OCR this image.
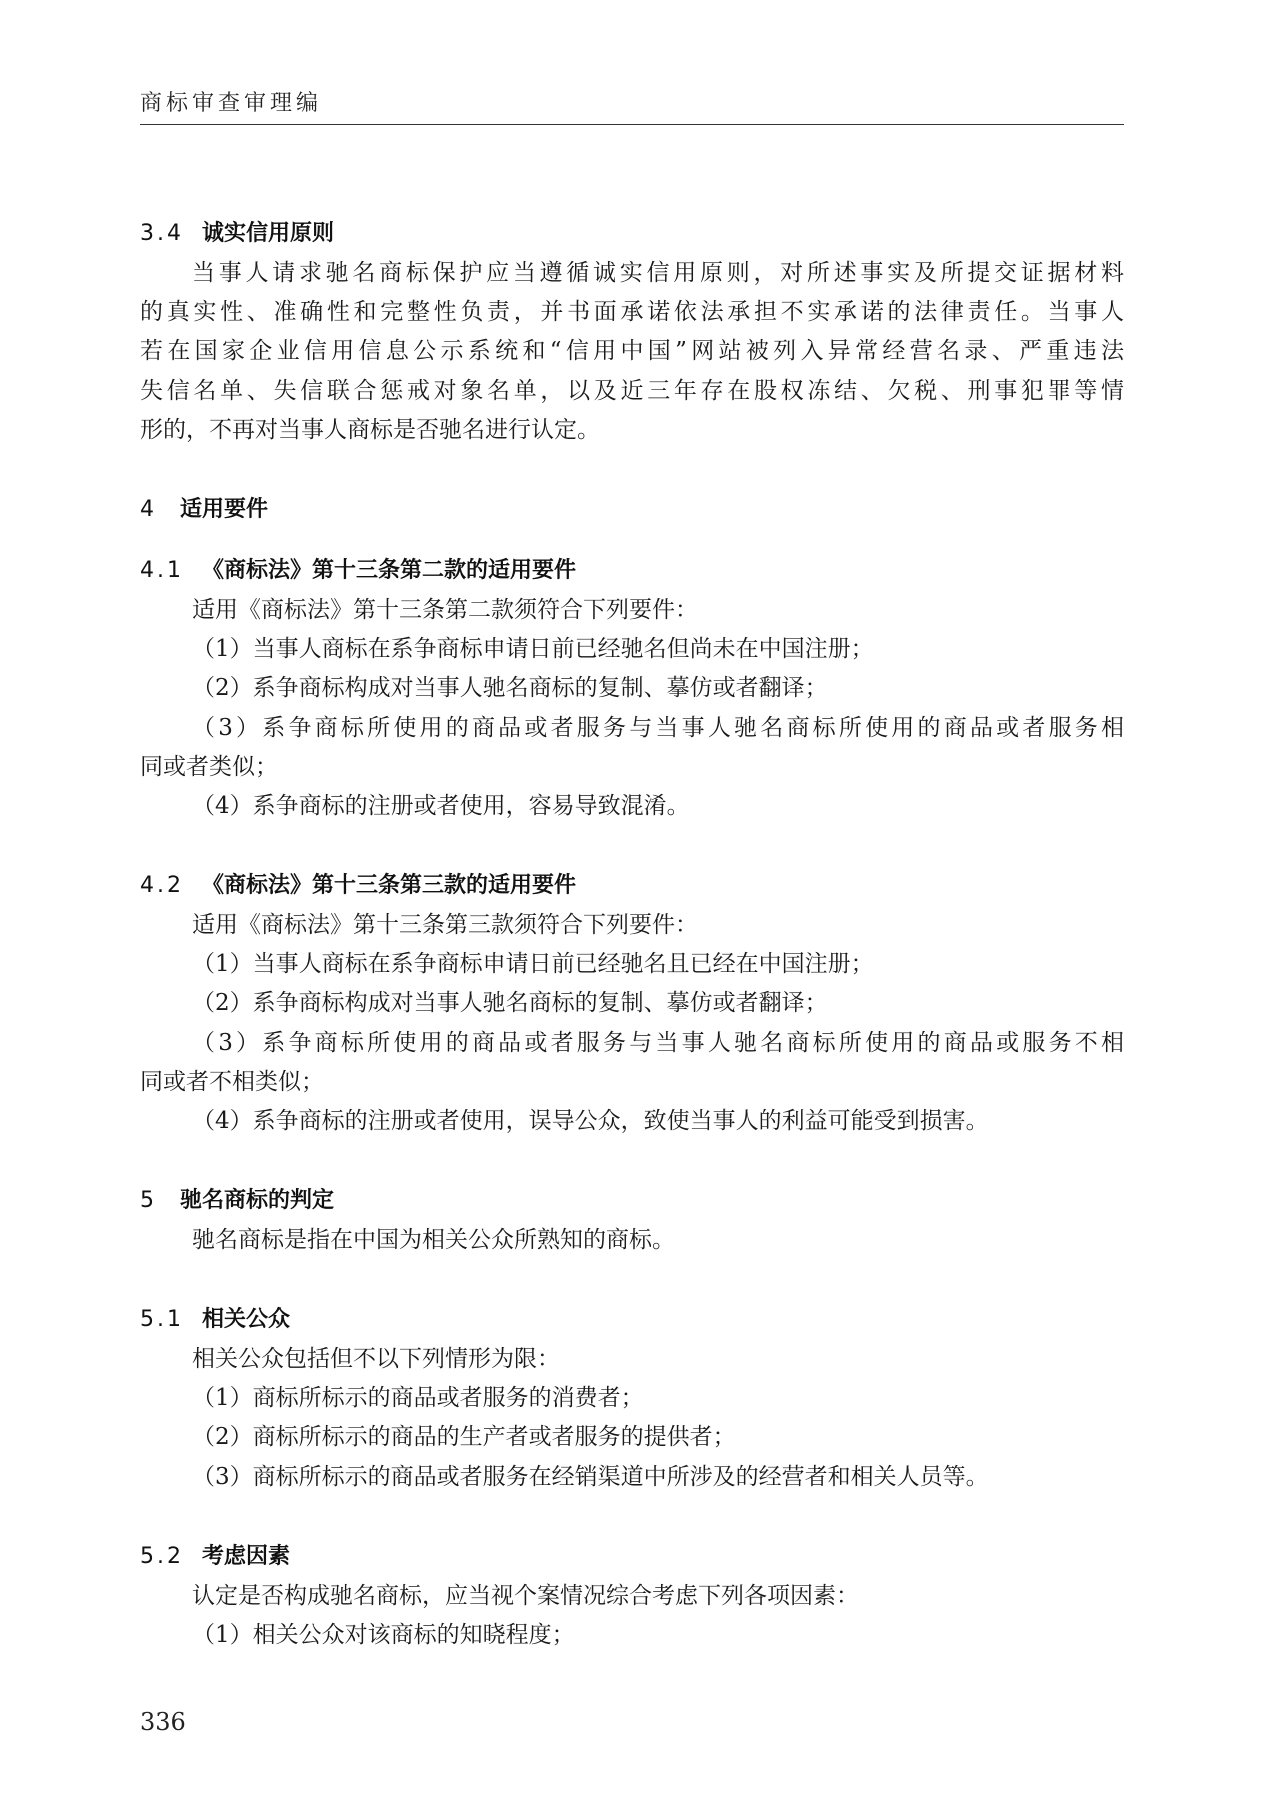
商标审查审理编
3.4 诚实信用原则
当事人请求驰名商标保护应当遵循诚实信用原则，对所述事实及所提交证据材料
的真实性、准确性和完整性负责，并书面承诺依法承担不实承诺的法律责任。当事人
若在国家企业信用信息公示系统和“信用中国”网站被列入异常经营名录、严重违法
失信名单、失信联合惩戒对象名单，以及近三年存在股权冻结、欠税、刑事犯罪等情
形的，不再对当事人商标是否驰名进行认定。
4 适用要件
4.1 《商标法》第十三条第二款的适用要件
适用《商标法》第十三条第二款须符合下列要件：
（1）当事人商标在系争商标申请日前已经驰名但尚未在中国注册；
（2）系争商标构成对当事人驰名商标的复制、摹仿或者翻译；
（3）系争商标所使用的商品或者服务与当事人驰名商标所使用的商品或者服务相
同或者类似；
（4）系争商标的注册或者使用，容易导致混淆。
4.2 《商标法》第十三条第三款的适用要件
适用《商标法》第十三条第三款须符合下列要件：
（1）当事人商标在系争商标申请日前已经驰名且已经在中国注册；
（2）系争商标构成对当事人驰名商标的复制、摹仿或者翻译；
（3）系争商标所使用的商品或者服务与当事人驰名商标所使用的商品或服务不相
同或者不相类似；
（4）系争商标的注册或者使用，误导公众，致使当事人的利益可能受到损害。
5 驰名商标的判定
驰名商标是指在中国为相关公众所熟知的商标。
5.1 相关公众
相关公众包括但不以下列情形为限：
（1）商标所标示的商品或者服务的消费者；
（2）商标所标示的商品的生产者或者服务的提供者；
（3）商标所标示的商品或者服务在经销渠道中所涉及的经营者和相关人员等。
5.2 考虑因素
认定是否构成驰名商标，应当视个案情况综合考虑下列各项因素：
（1）相关公众对该商标的知晓程度；
336
